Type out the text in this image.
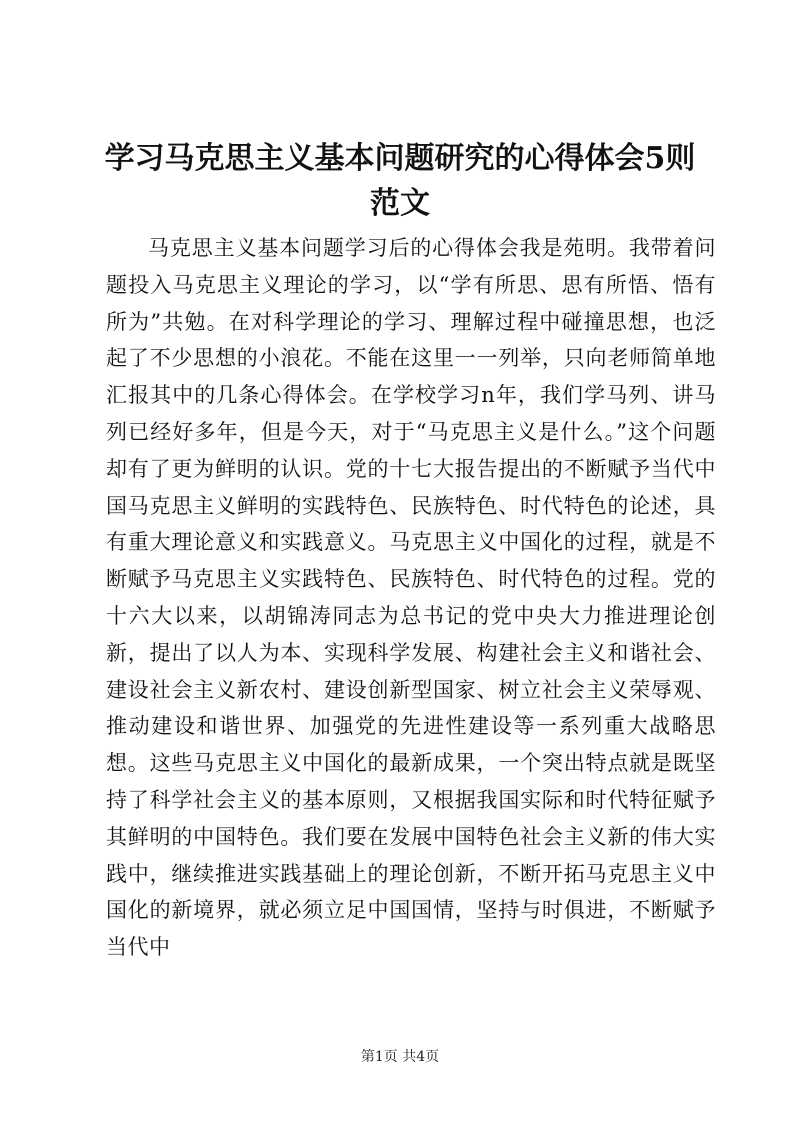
学习马克思主义基本问题研究的心得体会5则范文

马克思主义基本问题学习后的心得体会我是苑明。我带着问题投入马克思主义理论的学习，以“学有所思、思有所悟、悟有所为”共勉。在对科学理论的学习、理解过程中碰撞思想，也泛起了不少思想的小浪花。不能在这里一一列举，只向老师简单地汇报其中的几条心得体会。在学校学习n年，我们学马列、讲马列已经好多年，但是今天，对于“马克思主义是什么。”这个问题却有了更为鲜明的认识。党的十七大报告提出的不断赋予当代中国马克思主义鲜明的实践特色、民族特色、时代特色的论述，具有重大理论意义和实践意义。马克思主义中国化的过程，就是不断赋予马克思主义实践特色、民族特色、时代特色的过程。党的十六大以来，以胡锦涛同志为总书记的党中央大力推进理论创新，提出了以人为本、实现科学发展、构建社会主义和谐社会、建设社会主义新农村、建设创新型国家、树立社会主义荣辱观、推动建设和谐世界、加强党的先进性建设等一系列重大战略思想。这些马克思主义中国化的最新成果，一个突出特点就是既坚持了科学社会主义的基本原则，又根据我国实际和时代特征赋予其鲜明的中国特色。我们要在发展中国特色社会主义新的伟大实践中，继续推进实践基础上的理论创新，不断开拓马克思主义中国化的新境界，就必须立足中国国情，坚持与时俱进，不断赋予当代中

第1页 共4页
